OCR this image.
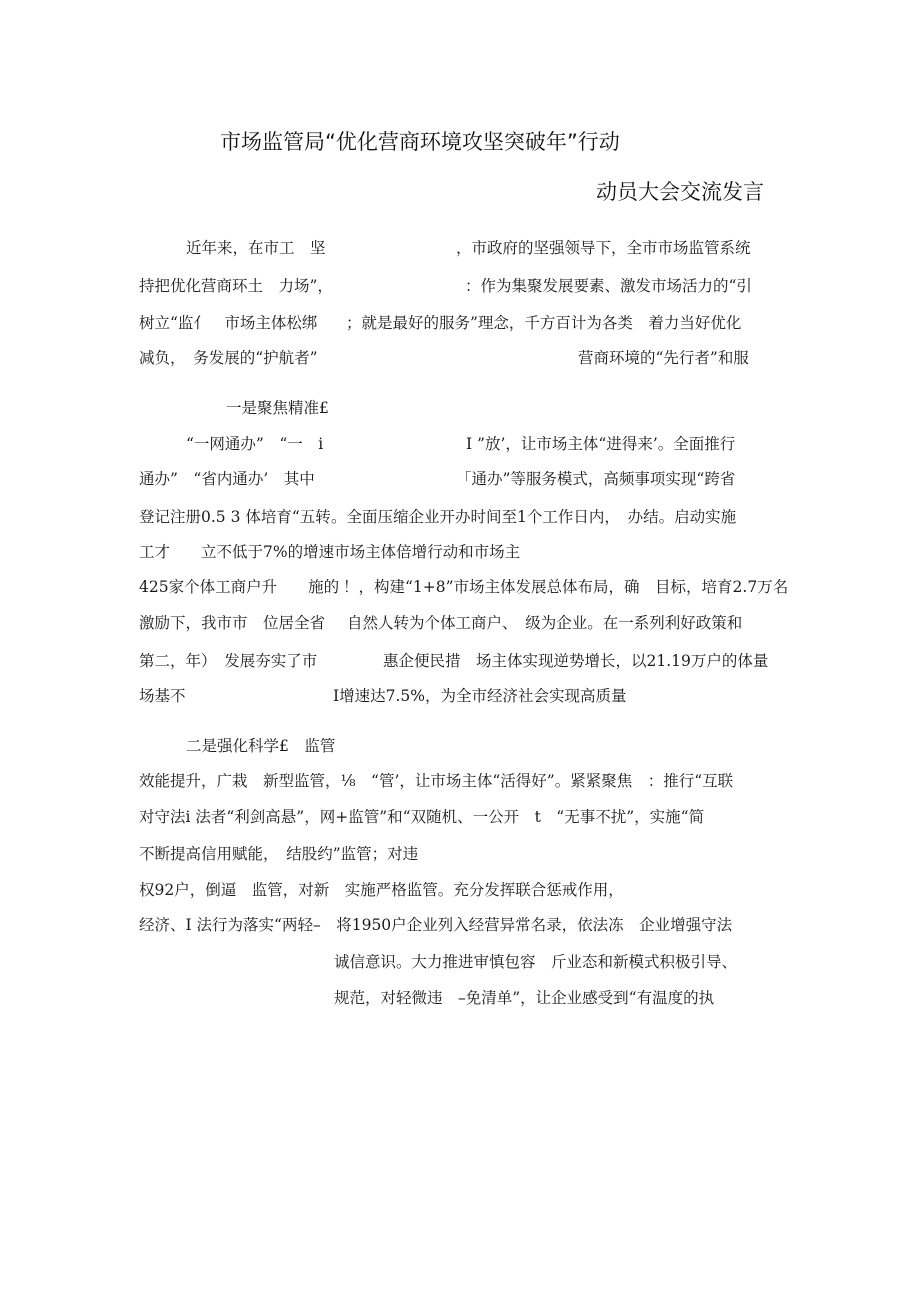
市场监管局“优化营商环境攻坚突破年”行动
动员大会交流发言
近年来，在市工　坚	，市政府的坚强领导下，全市市场监管系统
持把优化营商环土　力场”，	：作为集聚发展要素、激发市场活力的“引
树立“监亻　市场主体松绑 ；就是最好的服务”理念，千方百计为各类　着力当好优化
减负，　务发展的“护航者”	营商环境的“先行者”和服
一是聚焦精准£
“一网通办”　“一　i	I ”放’，让市场主体“进得来’。全面推行
通办”　“省内通办’　其中	「通办”等服务模式，高频事项实现“跨省
登记注册0.5 3 体培育“五转 。全面压缩企业开办时间至1个工作日内，　办结。启动实施
工才　　立不低于7%的增速市场主体倍增行动和市场主
425家个体工商户升　　施的 ！，构建“1+8”市场主体发展总体布局，确　目标，培育2.7万名
激励下，我市市　位居全省 自然人转为个体工商户、　级为企业。在一系列利好政策和
第二，年）　发展夯实了市	惠企便民措　场主体实现逆势增长，以21.19万户的体量
场基不	I增速达7.5%，为全市经济社会实现高质量
二是强化科学£　监管
效能提升，广栽　新型监管，⅛　“管’，让市场主体“活得好”。紧紧聚焦　：推行“互联
对守法i 法者“利剑高悬”，网+监管”和“双随机、一公开　t　“无事不扰”，实施“简
不断提高信用赋能，　结股约”监管；对违
权92户，倒逼　监管，对新　实施严格监管。充分发挥联合惩戒作用，
经济、I 法行为落实“两轻–　将1950户企业列入经营异常名录，依法冻　企业增强守法
诚信意识。大力推进审慎包容　斤业态和新模式积极引导、
规范，对轻微违　–免清单”，让企业感受到“有温度的执
